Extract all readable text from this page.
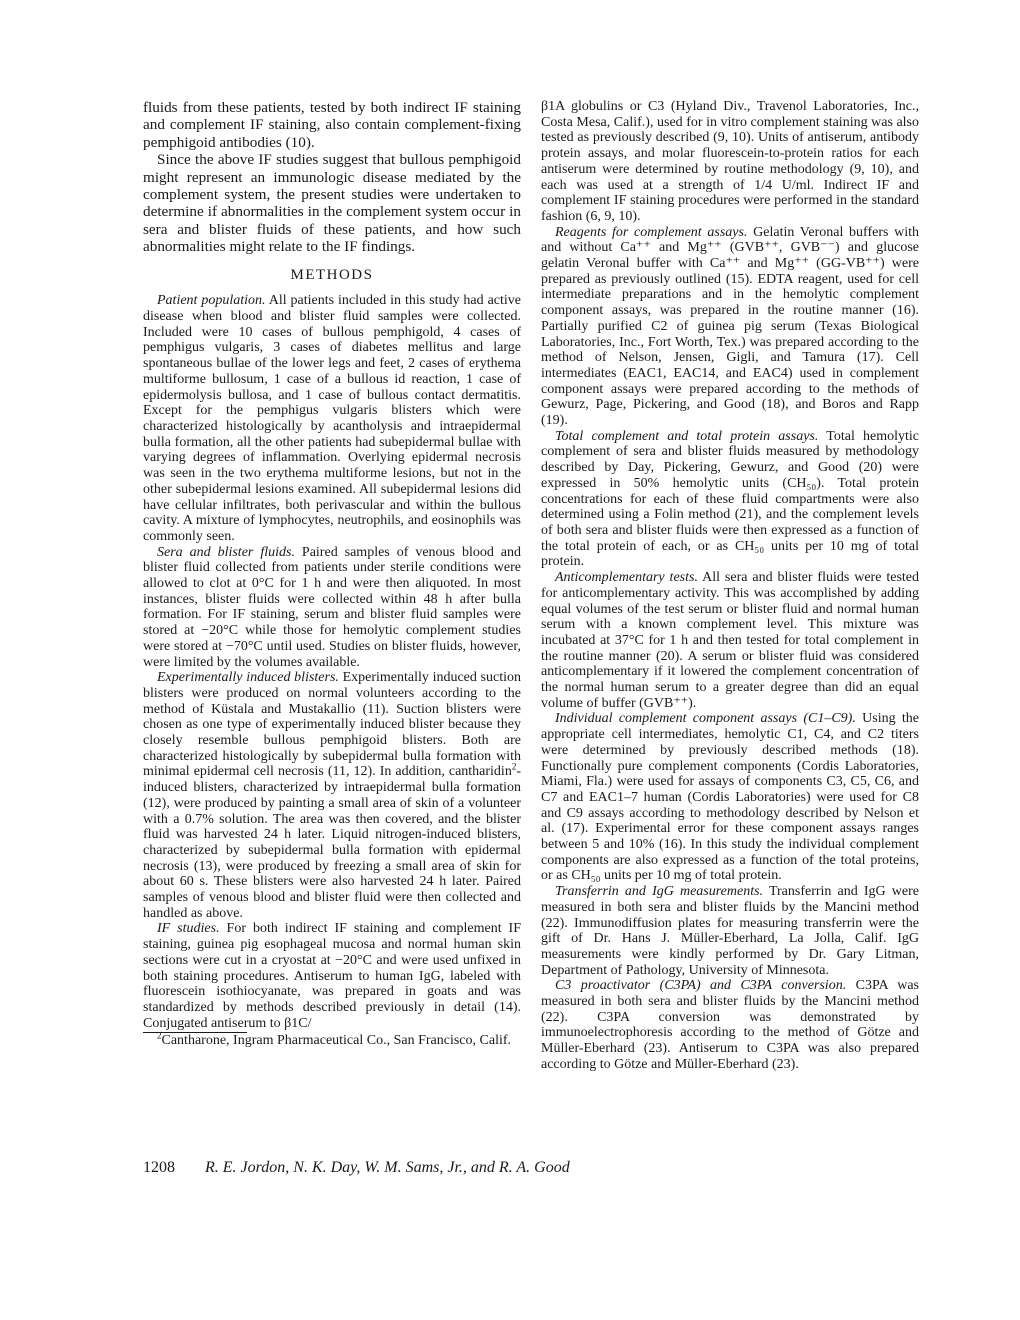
fluids from these patients, tested by both indirect IF staining and complement IF staining, also contain complement-fixing pemphigoid antibodies (10).

Since the above IF studies suggest that bullous pemphigoid might represent an immunologic disease mediated by the complement system, the present studies were undertaken to determine if abnormalities in the complement system occur in sera and blister fluids of these patients, and how such abnormalities might relate to the IF findings.

METHODS

Patient population. All patients included in this study had active disease when blood and blister fluid samples were collected. Included were 10 cases of bullous pemphigold, 4 cases of pemphigus vulgaris, 3 cases of diabetes mellitus and large spontaneous bullae of the lower legs and feet, 2 cases of erythema multiforme bullosum, 1 case of a bullous id reaction, 1 case of epidermolysis bullosa, and 1 case of bullous contact dermatitis. Except for the pemphigus vulgaris blisters which were characterized histologically by acantholysis and intraepidermal bulla formation, all the other patients had subepidermal bullae with varying degrees of inflammation. Overlying epidermal necrosis was seen in the two erythema multiforme lesions, but not in the other subepidermal lesions examined. All subepidermal lesions did have cellular infiltrates, both perivascular and within the bullous cavity. A mixture of lymphocytes, neutrophils, and eosinophils was commonly seen.

Sera and blister fluids. Paired samples of venous blood and blister fluid collected from patients under sterile conditions were allowed to clot at 0°C for 1 h and were then aliquoted. In most instances, blister fluids were collected within 48 h after bulla formation. For IF staining, serum and blister fluid samples were stored at −20°C while those for hemolytic complement studies were stored at −70°C until used. Studies on blister fluids, however, were limited by the volumes available.

Experimentally induced blisters. Experimentally induced suction blisters were produced on normal volunteers according to the method of Küstala and Mustakallio (11). Suction blisters were chosen as one type of experimentally induced blister because they closely resemble bullous pemphigoid blisters. Both are characterized histologically by subepidermal bulla formation with minimal epidermal cell necrosis (11, 12). In addition, cantharidin$^2$-induced blisters, characterized by intraepidermal bulla formation (12), were produced by painting a small area of skin of a volunteer with a 0.7% solution. The area was then covered, and the blister fluid was harvested 24 h later. Liquid nitrogen-induced blisters, characterized by subepidermal bulla formation with epidermal necrosis (13), were produced by freezing a small area of skin for about 60 s. These blisters were also harvested 24 h later. Paired samples of venous blood and blister fluid were then collected and handled as above.

IF studies. For both indirect IF staining and complement IF staining, guinea pig esophageal mucosa and normal human skin sections were cut in a cryostat at −20°C and were used unfixed in both staining procedures. Antiserum to human IgG, labeled with fluorescein isothiocyanate, was prepared in goats and was standardized by methods described previously in detail (14). Conjugated antiserum to β1C/

$^2$Cantharone, Ingram Pharmaceutical Co., San Francisco, Calif.

β1A globulins or C3 (Hyland Div., Travenol Laboratories, Inc., Costa Mesa, Calif.), used for in vitro complement staining was also tested as previously described (9, 10). Units of antiserum, antibody protein assays, and molar fluorescein-to-protein ratios for each antiserum were determined by routine methodology (9, 10), and each was used at a strength of 1/4 U/ml. Indirect IF and complement IF staining procedures were performed in the standard fashion (6, 9, 10).

Reagents for complement assays. Gelatin Veronal buffers with and without Ca⁺⁺ and Mg⁺⁺ (GVB⁺⁺, GVB⁻⁻) and glucose gelatin Veronal buffer with Ca⁺⁺ and Mg⁺⁺ (GG-VB⁺⁺) were prepared as previously outlined (15). EDTA reagent, used for cell intermediate preparations and in the hemolytic complement component assays, was prepared in the routine manner (16). Partially purified C2 of guinea pig serum (Texas Biological Laboratories, Inc., Fort Worth, Tex.) was prepared according to the method of Nelson, Jensen, Gigli, and Tamura (17). Cell intermediates (EAC1, EAC14, and EAC4) used in complement component assays were prepared according to the methods of Gewurz, Page, Pickering, and Good (18), and Boros and Rapp (19).

Total complement and total protein assays. Total hemolytic complement of sera and blister fluids measured by methodology described by Day, Pickering, Gewurz, and Good (20) were expressed in 50% hemolytic units (CH₅₀). Total protein concentrations for each of these fluid compartments were also determined using a Folin method (21), and the complement levels of both sera and blister fluids were then expressed as a function of the total protein of each, or as CH₅₀ units per 10 mg of total protein.

Anticomplementary tests. All sera and blister fluids were tested for anticomplementary activity. This was accomplished by adding equal volumes of the test serum or blister fluid and normal human serum with a known complement level. This mixture was incubated at 37°C for 1 h and then tested for total complement in the routine manner (20). A serum or blister fluid was considered anticomplementary if it lowered the complement concentration of the normal human serum to a greater degree than did an equal volume of buffer (GVB⁺⁺).

Individual complement component assays (C1–C9). Using the appropriate cell intermediates, hemolytic C1, C4, and C2 titers were determined by previously described methods (18). Functionally pure complement components (Cordis Laboratories, Miami, Fla.) were used for assays of components C3, C5, C6, and C7 and EAC1–7 human (Cordis Laboratories) were used for C8 and C9 assays according to methodology described by Nelson et al. (17). Experimental error for these component assays ranges between 5 and 10% (16). In this study the individual complement components are also expressed as a function of the total proteins, or as CH₅₀ units per 10 mg of total protein.

Transferrin and IgG measurements. Transferrin and IgG were measured in both sera and blister fluids by the Mancini method (22). Immunodiffusion plates for measuring transferrin were the gift of Dr. Hans J. Müller-Eberhard, La Jolla, Calif. IgG measurements were kindly performed by Dr. Gary Litman, Department of Pathology, University of Minnesota.

C3 proactivator (C3PA) and C3PA conversion. C3PA was measured in both sera and blister fluids by the Mancini method (22). C3PA conversion was demonstrated by immunoelectrophoresis according to the method of Götze and Müller-Eberhard (23). Antiserum to C3PA was also prepared according to Götze and Müller-Eberhard (23).

1208 R. E. Jordon, N. K. Day, W. M. Sams, Jr., and R. A. Good
